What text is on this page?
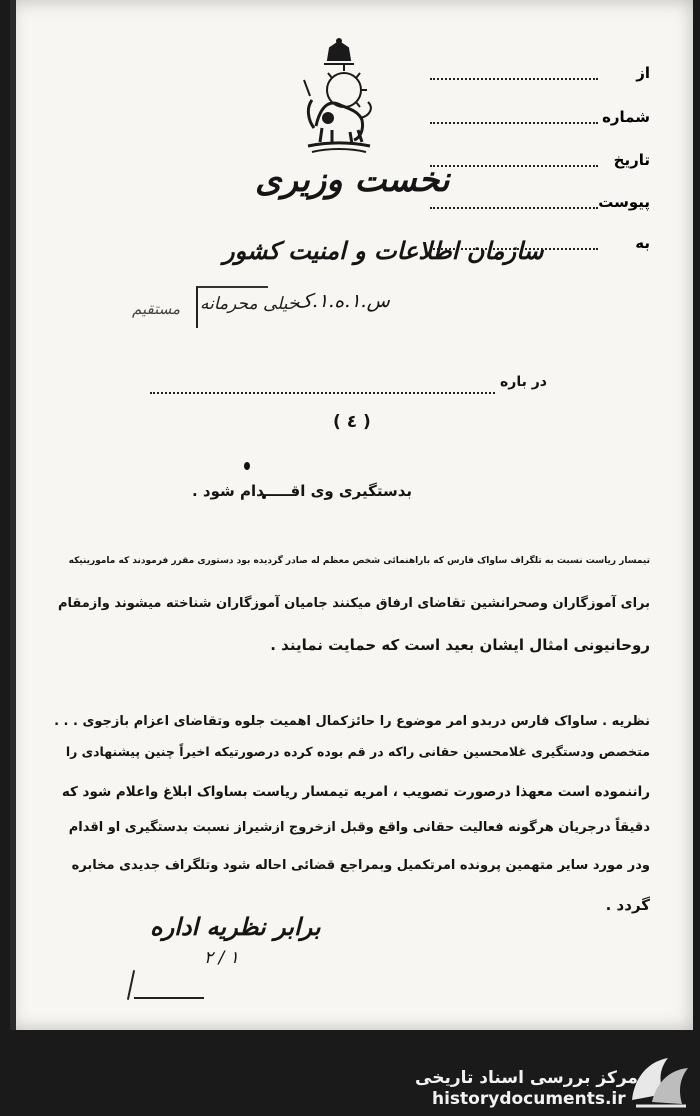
از
شماره
تاریخ
پیوست
به
نخست وزیری
سازمان اطلاعات و امنیت کشور
س.۱.ه.۱.ک
خیلی محرمانه
مستقیم
در باره
( ٤ )
بدستگیری وی اقـــــدام شود .
تیمسار ریاست نسبت به تلگراف ساواک فارس که باراهنمائی شخص معظم له صادر گردیده بود دستوری مقرر فرمودند که مامورینیکه
برای آموزگاران وصحرانشین تقاضای ارفاق میکنند جامیان آموزگاران شناخته میشوند وازمقام
روحانیونی امثال ایشان بعید است که حمایت نمایند .
نظریه . ساواک فارس دربدو امر موضوع را حائزکمال اهمیت جلوه وتقاضای اعزام بازجوی . . .
متخصص ودستگیری غلامحسین حقانی راکه در قم بوده کرده درصورتیکه اخیراً چنین پیشنهادی را
راننموده است معهذا درصورت تصویب ، امریه تیمسار ریاست بساواک ابلاغ واعلام شود که
دقیقاً درجریان هرگونه فعالیت حقانی واقع وقبل ازخروج ازشیراز نسبت بدستگیری او اقدام
ودر مورد سایر متهمین پرونده امرتکمیل وبمراجع قضائی احاله شود وتلگراف جدیدی مخابره
گردد .
برابر نظریه اداره
۲ / ۱
مرکز بررسی اسناد تاریخی
historydocuments.ir
